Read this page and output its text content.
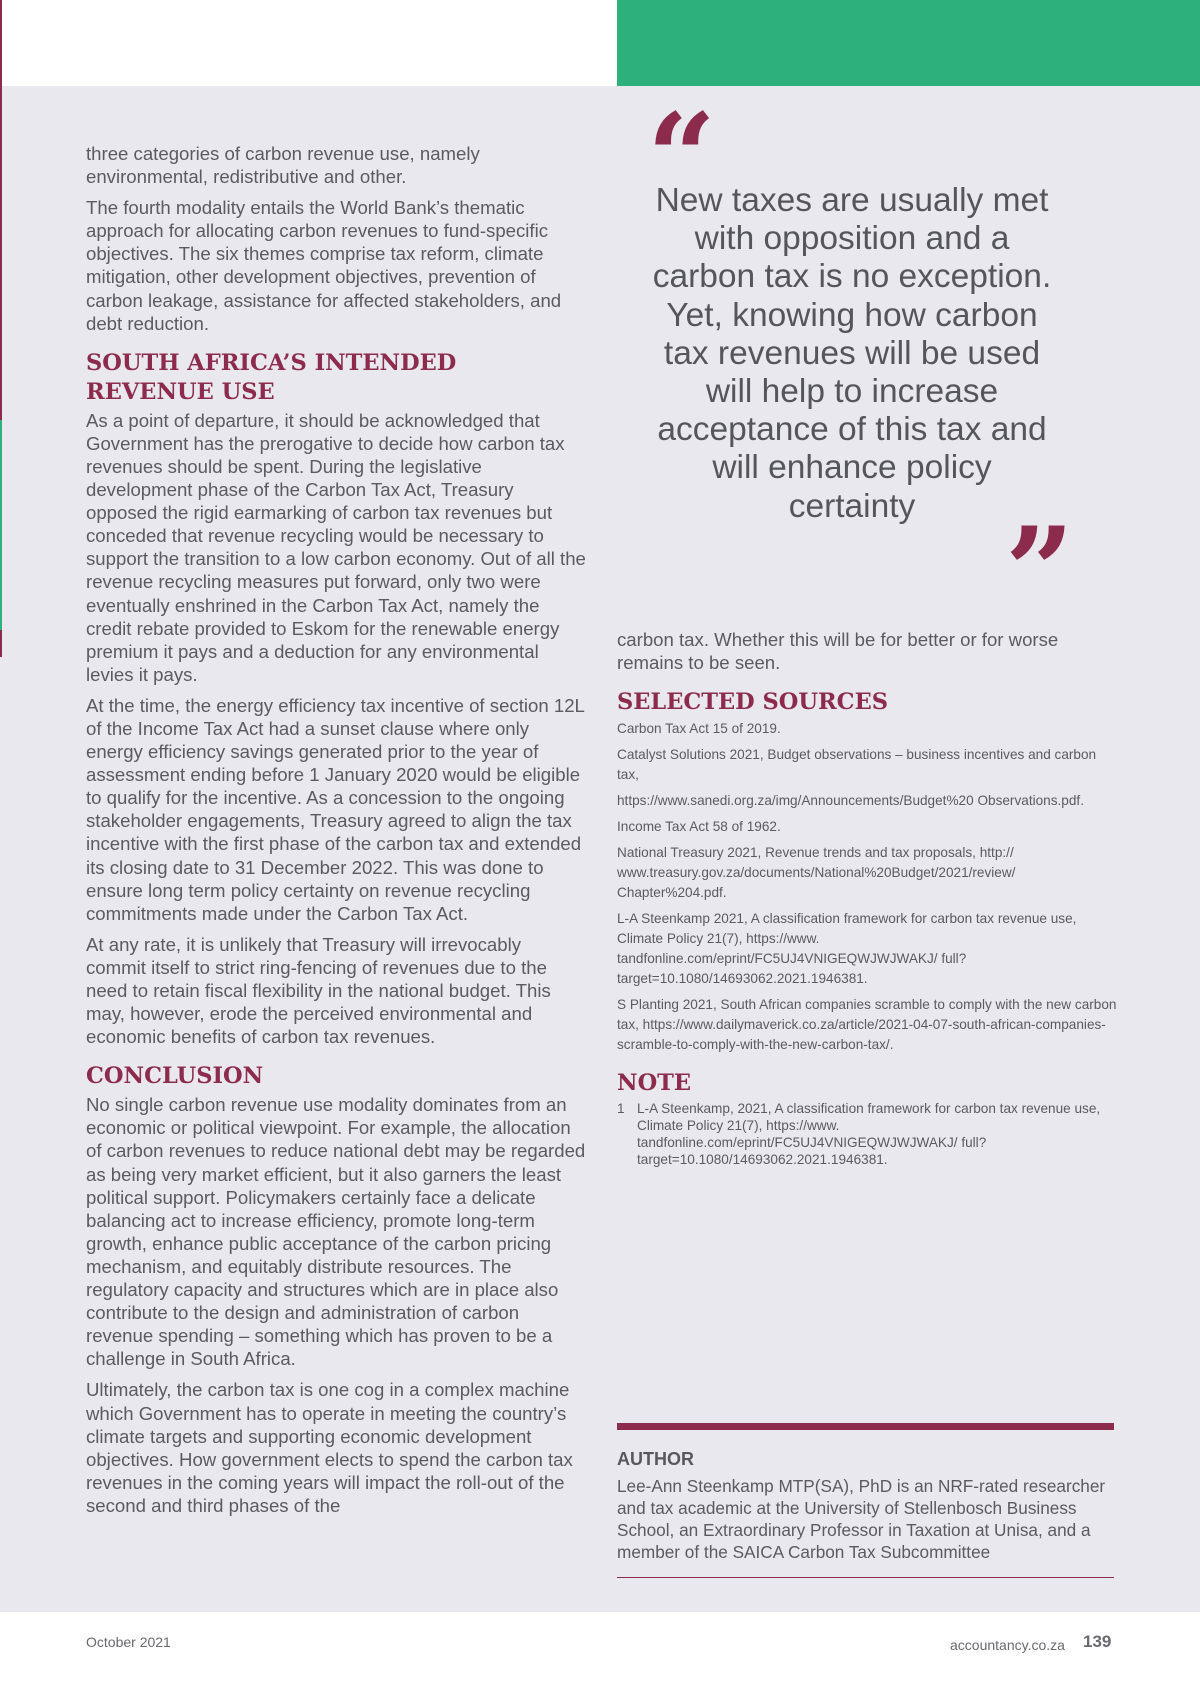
three categories of carbon revenue use, namely environmental, redistributive and other.

The fourth modality entails the World Bank’s thematic approach for allocating carbon revenues to fund-specific objectives. The six themes comprise tax reform, climate mitigation, other development objectives, prevention of carbon leakage, assistance for affected stakeholders, and debt reduction.

SOUTH AFRICA’S INTENDED REVENUE USE

As a point of departure, it should be acknowledged that Government has the prerogative to decide how carbon tax revenues should be spent. During the legislative development phase of the Carbon Tax Act, Treasury opposed the rigid earmarking of carbon tax revenues but conceded that revenue recycling would be necessary to support the transition to a low carbon economy. Out of all the revenue recycling measures put forward, only two were eventually enshrined in the Carbon Tax Act, namely the credit rebate provided to Eskom for the renewable energy premium it pays and a deduction for any environmental levies it pays.

At the time, the energy efficiency tax incentive of section 12L of the Income Tax Act had a sunset clause where only energy efficiency savings generated prior to the year of assessment ending before 1 January 2020 would be eligible to qualify for the incentive. As a concession to the ongoing stakeholder engagements, Treasury agreed to align the tax incentive with the first phase of the carbon tax and extended its closing date to 31 December 2022. This was done to ensure long term policy certainty on revenue recycling commitments made under the Carbon Tax Act.

At any rate, it is unlikely that Treasury will irrevocably commit itself to strict ring-fencing of revenues due to the need to retain fiscal flexibility in the national budget. This may, however, erode the perceived environmental and economic benefits of carbon tax revenues.

CONCLUSION

No single carbon revenue use modality dominates from an economic or political viewpoint. For example, the allocation of carbon revenues to reduce national debt may be regarded as being very market efficient, but it also garners the least political support. Policymakers certainly face a delicate balancing act to increase efficiency, promote long-term growth, enhance public acceptance of the carbon pricing mechanism, and equitably distribute resources. The regulatory capacity and structures which are in place also contribute to the design and administration of carbon revenue spending – something which has proven to be a challenge in South Africa.

Ultimately, the carbon tax is one cog in a complex machine which Government has to operate in meeting the country’s climate targets and supporting economic development objectives. How government elects to spend the carbon tax revenues in the coming years will impact the roll-out of the second and third phases of the

“
New taxes are usually met with opposition and a carbon tax is no exception. Yet, knowing how carbon tax revenues will be used will help to increase acceptance of this tax and will enhance policy certainty ”

carbon tax. Whether this will be for better or for worse remains to be seen.

SELECTED SOURCES

Carbon Tax Act 15 of 2019.

Catalyst Solutions 2021, Budget observations – business incentives and carbon tax,

https://www.sanedi.org.za/img/Announcements/Budget%20 Observations.pdf.

Income Tax Act 58 of 1962.

National Treasury 2021, Revenue trends and tax proposals, http:// www.treasury.gov.za/documents/National%20Budget/2021/review/ Chapter%204.pdf.

L-A Steenkamp 2021, A classification framework for carbon tax revenue use, Climate Policy 21(7), https://www. tandfonline.com/eprint/FC5UJ4VNIGEQWJWJWAKJ/ full?target=10.1080/14693062.2021.1946381.

S Planting 2021, South African companies scramble to comply with the new carbon tax, https://www.dailymaverick.co.za/article/2021-04-07-south-african-companies-scramble-to-comply-with-the-new-carbon-tax/.

NOTE
1 L-A Steenkamp, 2021, A classification framework for carbon tax revenue use, Climate Policy 21(7), https://www. tandfonline.com/eprint/FC5UJ4VNIGEQWJWJWAKJ/ full?target=10.1080/14693062.2021.1946381.

AUTHOR

Lee-Ann Steenkamp MTP(SA), PhD is an NRF-rated researcher and tax academic at the University of Stellenbosch Business School, an Extraordinary Professor in Taxation at Unisa, and a member of the SAICA Carbon Tax Subcommittee

October 2021	accountancy.co.za 139
